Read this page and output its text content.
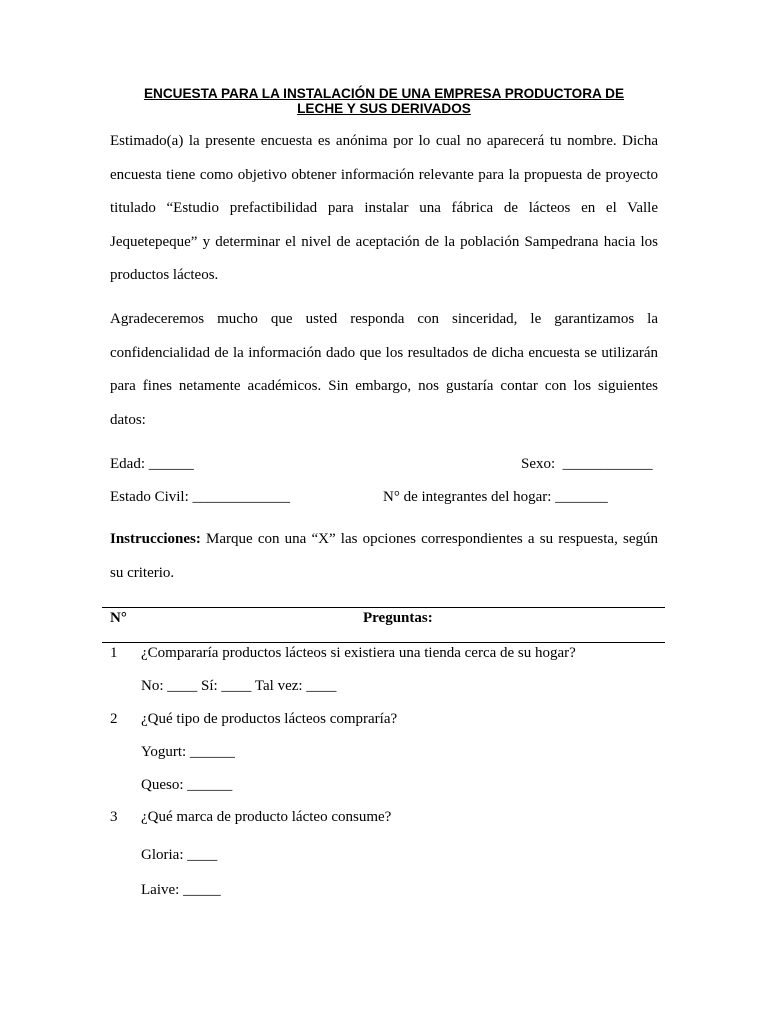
ENCUESTA PARA LA INSTALACIÓN DE UNA EMPRESA PRODUCTORA DE
LECHE Y SUS DERIVADOS

Estimado(a) la presente encuesta es anónima por lo cual no aparecerá tu nombre. Dicha encuesta tiene como objetivo obtener información relevante para la propuesta de proyecto titulado “Estudio prefactibilidad para instalar una fábrica de lácteos en el Valle Jequetepeque” y determinar el nivel de aceptación de la población Sampedrana hacia los productos lácteos.

Agradeceremos mucho que usted responda con sinceridad, le garantizamos la confidencialidad de la información dado que los resultados de dicha encuesta se utilizarán para fines netamente académicos. Sin embargo, nos gustaría contar con los siguientes datos:

Edad: ______	Sexo:  ____________
Estado Civil: _____________	N° de integrantes del hogar: _______

Instrucciones: Marque con una “X” las opciones correspondientes a su respuesta, según su criterio.

N°	Preguntas:
1 ¿Compararía productos lácteos si existiera una tienda cerca de su hogar?
No: ____ Sí: ____ Tal vez: ____
2 ¿Qué tipo de productos lácteos compraría?
Yogurt: ______
Queso: ______
3 ¿Qué marca de producto lácteo consume?
Gloria: ____
Laive: _____
